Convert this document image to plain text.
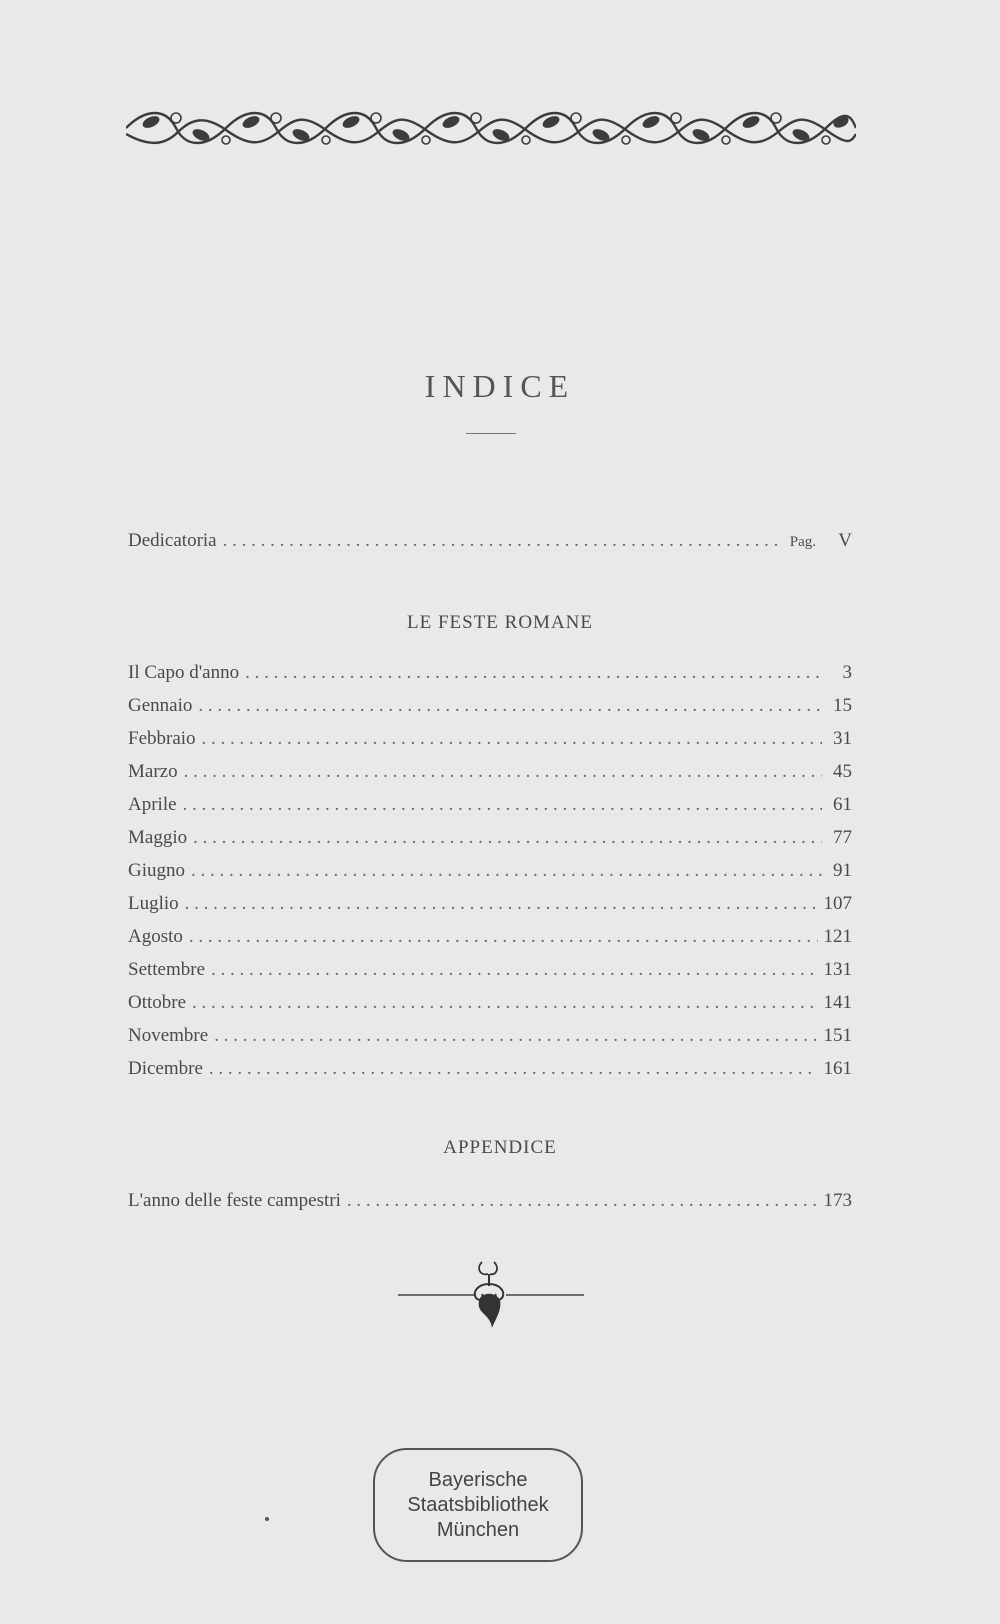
INDICE
Dedicatoria . . .	Pag.	V
LE FESTE ROMANE
Il Capo d'anno . . .	3
Gennaio . . .	15
Febbraio . . .	31
Marzo . . .	45
Aprile . . .	61
Maggio . . .	77
Giugno . . .	91
Luglio . . .	107
Agosto . . .	121
Settembre . . .	131
Ottobre . . .	141
Novembre . . .	151
Dicembre . . .	161
APPENDICE
L'anno delle feste campestri . . .	173
Bayerische
Staatsbibliothek
München
